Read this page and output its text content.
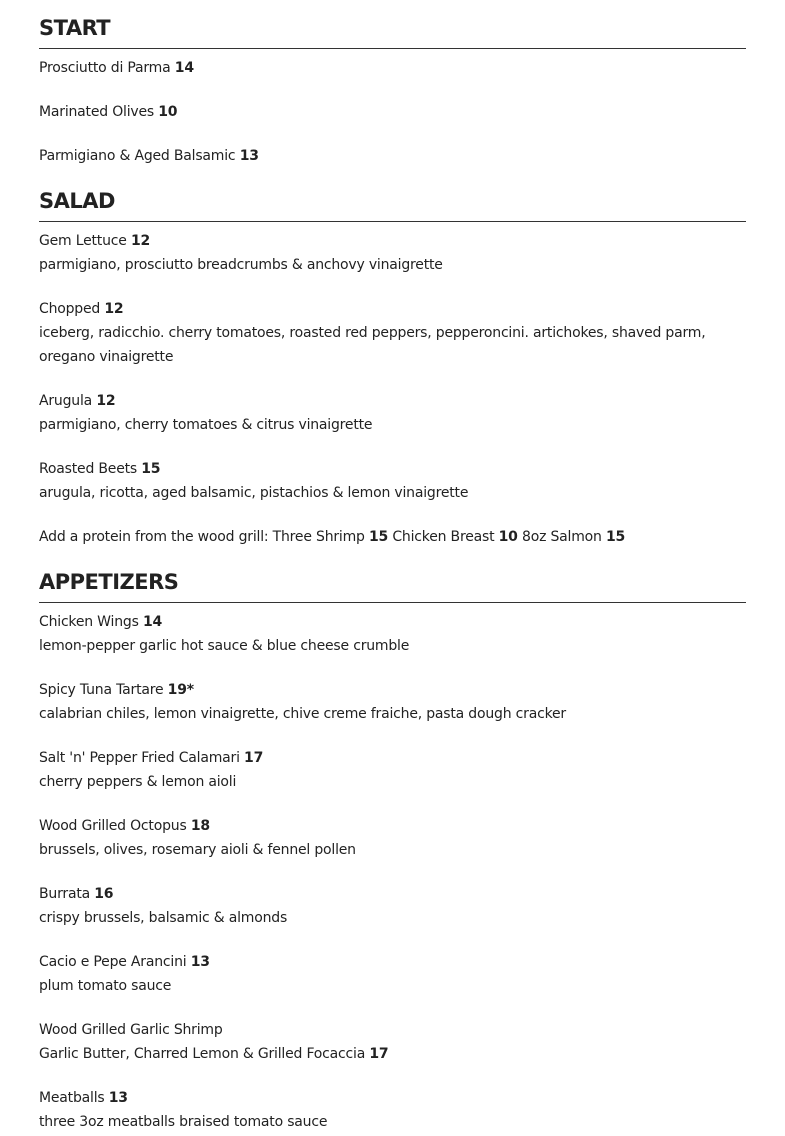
START
Prosciutto di Parma 14
Marinated Olives 10
Parmigiano & Aged Balsamic 13
SALAD
Gem Lettuce 12
parmigiano, prosciutto breadcrumbs & anchovy vinaigrette
Chopped 12
iceberg, radicchio. cherry tomatoes, roasted red peppers, pepperoncini. artichokes, shaved parm, oregano vinaigrette
Arugula 12
parmigiano, cherry tomatoes & citrus vinaigrette
Roasted Beets 15
arugula, ricotta, aged balsamic, pistachios & lemon vinaigrette
Add a protein from the wood grill: Three Shrimp 15 Chicken Breast 10 8oz Salmon 15
APPETIZERS
Chicken Wings 14
lemon-pepper garlic hot sauce & blue cheese crumble
Spicy Tuna Tartare 19*
calabrian chiles, lemon vinaigrette, chive creme fraiche, pasta dough cracker
Salt 'n' Pepper Fried Calamari 17
cherry peppers & lemon aioli
Wood Grilled Octopus 18
brussels, olives, rosemary aioli & fennel pollen
Burrata 16
crispy brussels, balsamic & almonds
Cacio e Pepe Arancini 13
plum tomato sauce
Wood Grilled Garlic Shrimp
Garlic Butter, Charred Lemon & Grilled Focaccia 17
Meatballs 13
three 3oz meatballs braised tomato sauce
